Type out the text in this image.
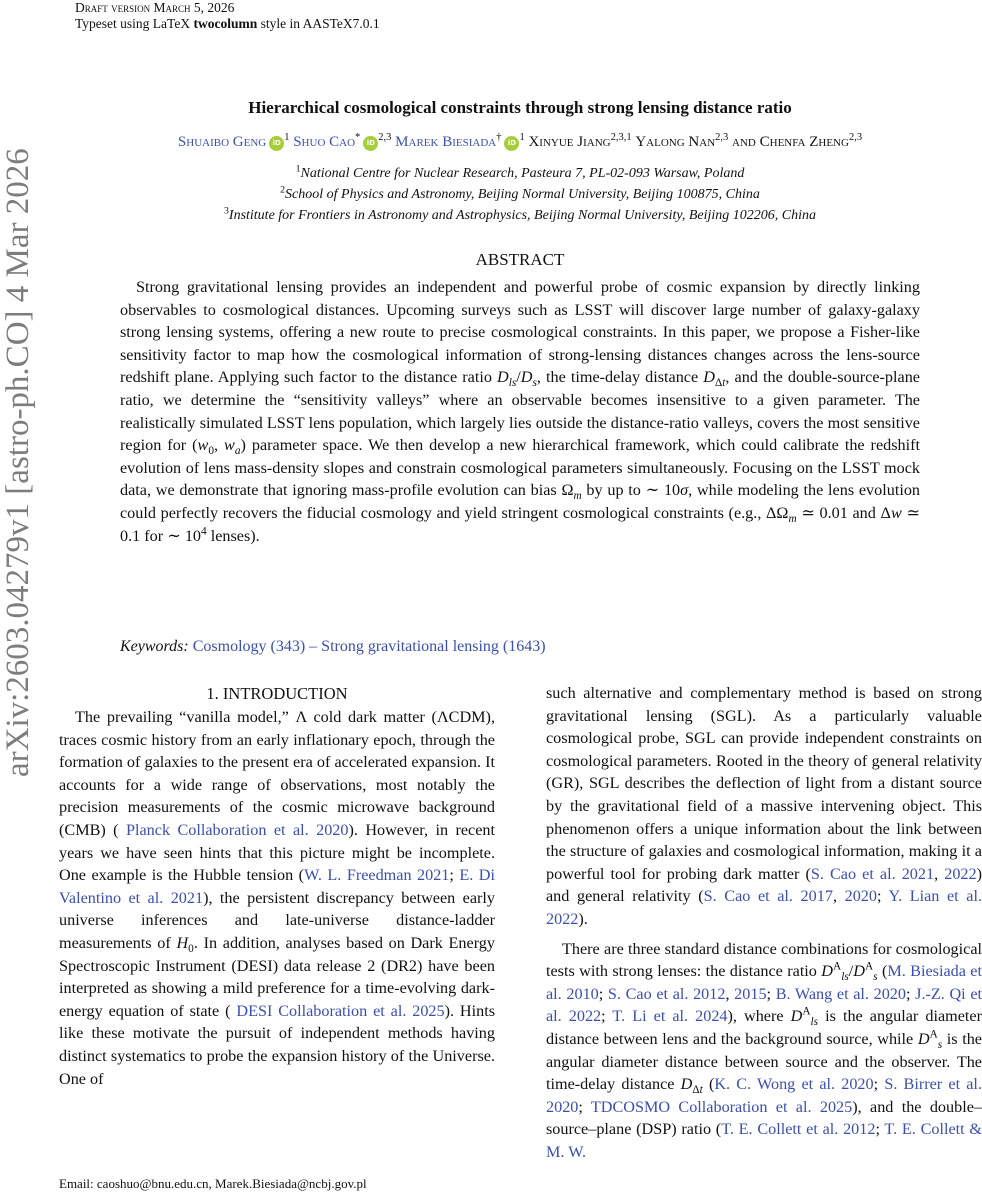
arXiv:2603.04279v1 [astro-ph.CO] 4 Mar 2026
Draft version March 5, 2026
Typeset using LaTeX twocolumn style in AASTeX7.0.1
Hierarchical cosmological constraints through strong lensing distance ratio
Shuaibo Geng iD $^1$ Shuo Cao* iD $^{2,3}$ Marek Biesiada† iD $^1$ Xinyue Jiang$^{2,3,1}$ Yalong Nan$^{2,3}$ and Chenfa Zheng$^{2,3}$
$^1$National Centre for Nuclear Research, Pasteura 7, PL-02-093 Warsaw, Poland
$^2$School of Physics and Astronomy, Beijing Normal University, Beijing 100875, China
$^3$Institute for Frontiers in Astronomy and Astrophysics, Beijing Normal University, Beijing 102206, China
ABSTRACT
Strong gravitational lensing provides an independent and powerful probe of cosmic expansion by directly linking observables to cosmological distances. Upcoming surveys such as LSST will discover large number of galaxy-galaxy strong lensing systems, offering a new route to precise cosmological constraints. In this paper, we propose a Fisher-like sensitivity factor to map how the cosmological information of strong-lensing distances changes across the lens-source redshift plane. Applying such factor to the distance ratio $D_{ls}/D_s$, the time-delay distance $D_{\Delta t}$, and the double-source-plane ratio, we determine the “sensitivity valleys” where an observable becomes insensitive to a given parameter. The realistically simulated LSST lens population, which largely lies outside the distance-ratio valleys, covers the most sensitive region for ($w_0$, $w_a$) parameter space. We then develop a new hierarchical framework, which could calibrate the redshift evolution of lens mass-density slopes and constrain cosmological parameters simultaneously. Focusing on the LSST mock data, we demonstrate that ignoring mass-profile evolution can bias $\Omega_m$ by up to ∼ 10σ, while modeling the lens evolution could perfectly recovers the fiducial cosmology and yield stringent cosmological constraints (e.g., $\Delta\Omega_m$ ≃ 0.01 and Δw ≃ 0.1 for ∼ $10^4$ lenses).
Keywords: Cosmology (343) – Strong gravitational lensing (1643)
1. INTRODUCTION

The prevailing “vanilla model,” Λ cold dark matter (ΛCDM), traces cosmic history from an early inflationary epoch, through the formation of galaxies to the present era of accelerated expansion. It accounts for a wide range of observations, most notably the precision measurements of the cosmic microwave background (CMB) ( Planck Collaboration et al. 2020). However, in recent years we have seen hints that this picture might be incomplete. One example is the Hubble tension (W. L. Freedman 2021; E. Di Valentino et al. 2021), the persistent discrepancy between early universe inferences and late-universe distance-ladder measurements of $H_0$. In addition, analyses based on Dark Energy Spectroscopic Instrument (DESI) data release 2 (DR2) have been interpreted as showing a mild preference for a time-evolving dark-energy equation of state ( DESI Collaboration et al. 2025). Hints like these motivate the pursuit of independent methods having distinct systematics to probe the expansion history of the Universe. One of

such alternative and complementary method is based on strong gravitational lensing (SGL). As a particularly valuable cosmological probe, SGL can provide independent constraints on cosmological parameters. Rooted in the theory of general relativity (GR), SGL describes the deflection of light from a distant source by the gravitational field of a massive intervening object. This phenomenon offers a unique information about the link between the structure of galaxies and cosmological information, making it a powerful tool for probing dark matter (S. Cao et al. 2021, 2022) and general relativity (S. Cao et al. 2017, 2020; Y. Lian et al. 2022).

There are three standard distance combinations for cosmological tests with strong lenses: the distance ratio $D^A_{ls}/D^A_s$ (M. Biesiada et al. 2010; S. Cao et al. 2012, 2015; B. Wang et al. 2020; J.-Z. Qi et al. 2022; T. Li et al. 2024), where $D^A_{ls}$ is the angular diameter distance between lens and the background source, while $D^A_s$ is the angular diameter distance between source and the observer. The time-delay distance $D_{\Delta t}$ (K. C. Wong et al. 2020; S. Birrer et al. 2020; TDCOSMO Collaboration et al. 2025), and the double–source–plane (DSP) ratio (T. E. Collett et al. 2012; T. E. Collett & M. W.

Email: caoshuo@bnu.edu.cn, Marek.Biesiada@ncbj.gov.pl
